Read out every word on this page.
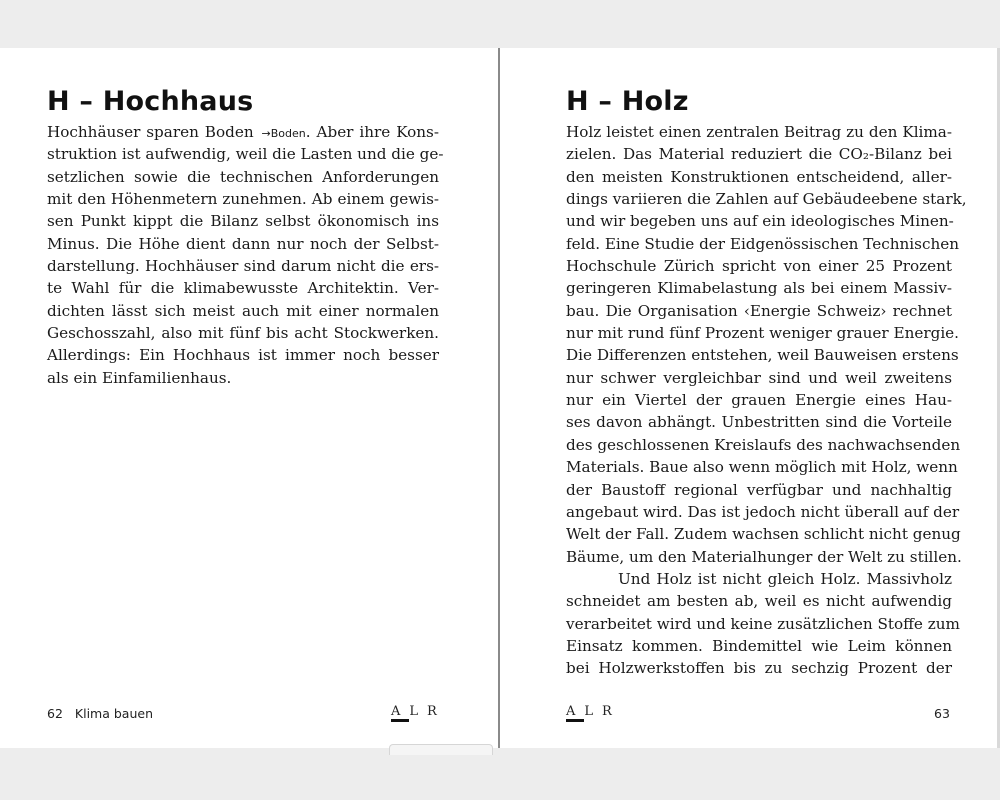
H – Hochhaus
Hochhäuser sparen Boden →Boden. Aber ihre Kons-
struktion ist aufwendig, weil die Lasten und die ge-
setzlichen sowie die technischen Anforderungen
mit den Höhenmetern zunehmen. Ab einem gewis-
sen Punkt kippt die Bilanz selbst ökonomisch ins
Minus. Die Höhe dient dann nur noch der Selbst-
darstellung. Hochhäuser sind darum nicht die ers-
te Wahl für die klimabewusste Architektin. Ver-
dichten lässt sich meist auch mit einer normalen
Geschosszahl, also mit fünf bis acht Stockwerken.
Allerdings: Ein Hochhaus ist immer noch besser
als ein Einfamilienhaus.
62 Klima bauen	ALR
H – Holz
Holz leistet einen zentralen Beitrag zu den Klima-
zielen. Das Material reduziert die CO₂-Bilanz bei
den meisten Konstruktionen entscheidend, aller-
dings variieren die Zahlen auf Gebäudeebene stark,
und wir begeben uns auf ein ideologisches Minen-
feld. Eine Studie der Eidgenössischen Technischen
Hochschule Zürich spricht von einer 25 Prozent
geringeren Klimabelastung als bei einem Massiv-
bau. Die Organisation ‹Energie Schweiz› rechnet
nur mit rund fünf Prozent weniger grauer Energie.
Die Differenzen entstehen, weil Bauweisen erstens
nur schwer vergleichbar sind und weil zweitens
nur ein Viertel der grauen Energie eines Hau-
ses davon abhängt. Unbestritten sind die Vorteile
des geschlossenen Kreislaufs des nachwachsenden
Materials. Baue also wenn möglich mit Holz, wenn
der Baustoff regional verfügbar und nachhaltig
angebaut wird. Das ist jedoch nicht überall auf der
Welt der Fall. Zudem wachsen schlicht nicht genug
Bäume, um den Materialhunger der Welt zu stillen.
Und Holz ist nicht gleich Holz. Massivholz
schneidet am besten ab, weil es nicht aufwendig
verarbeitet wird und keine zusätzlichen Stoffe zum
Einsatz kommen. Bindemittel wie Leim können
bei Holzwerkstoffen bis zu sechzig Prozent der
ALR	63
